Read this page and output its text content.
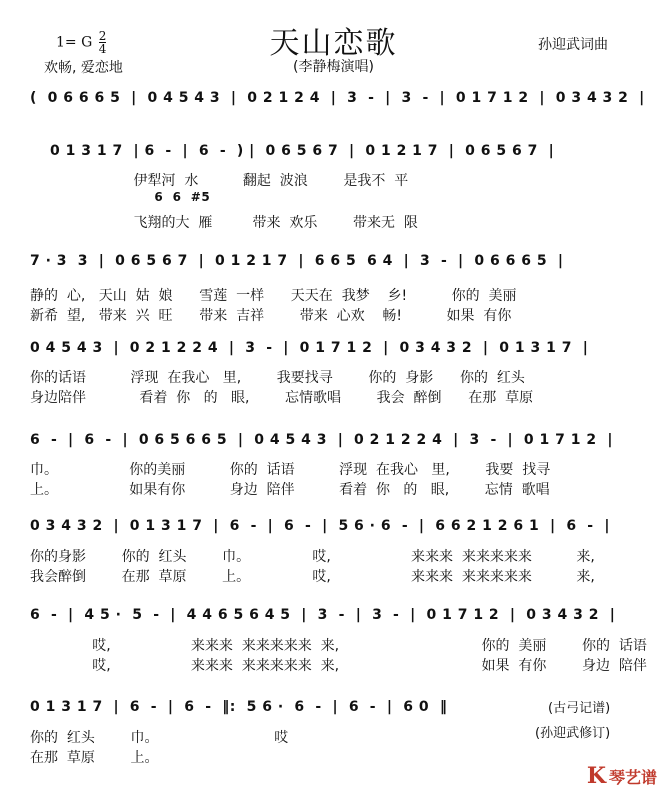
天山恋歌
(李静梅演唱)
1= G $\frac{2}{4}$
欢畅, 爱恋地
孙迎武词曲
(  0 6 6 6 5  |  0 4 5 4 3  |  0 2 1 2 4  |  3  -  |  3  -  |  0 1 7 1 2  |  0 3 4 3 2  |
0 1 3 1 7  | 6  -  |  6  -  ) |  0 6 5 6 7  |  0 1 2 1 7  |  0 6 5 6 7  |
伊犁河  水          翻起  波浪        是我不  平
6  6  #5
飞翔的大  雁         带来  欢乐        带来无  限
7 · 3  3  |  0 6 5 6 7  |  0 1 2 1 7  |  6 6 5  6 4  |  3  -  |  0 6 6 6 5  |
静的  心,   天山  姑  娘      雪莲  一样      天天在  我梦    乡!          你的  美丽
新希  望,   带来  兴  旺      带来  吉祥        带来  心欢    畅!          如果  有你
0 4 5 4 3  |  0 2 1 2 2 4  |  3  -  |  0 1 7 1 2  |  0 3 4 3 2  |  0 1 3 1 7  |
你的话语          浮现  在我心   里,        我要找寻        你的  身影      你的  红头
身边陪伴            看着  你   的   眼,        忘情歌唱        我会  醉倒      在那  草原
6  -  |  6  -  |  0 6 5 6 6 5  |  0 4 5 4 3  |  0 2 1 2 2 4  |  3  -  |  0 1 7 1 2  |
巾。                你的美丽          你的  话语          浮现  在我心   里,        我要  找寻
上。                如果有你          身边  陪伴          看着  你   的   眼,        忘情  歌唱
0 3 4 3 2  |  0 1 3 1 7  |  6  -  |  6  -  |  5 6 · 6  -  |  6 6 2 1 2 6 1  |  6  -  |
你的身影        你的  红头        巾。              哎,                  来来来  来来来来来          来,
我会醉倒        在那  草原        上。              哎,                  来来来  来来来来来          来,
6  -  |  4 5 ·  5  -  |  4 4 6 5 6 4 5  |  3  -  |  3  -  |  0 1 7 1 2  |  0 3 4 3 2  |
哎,                  来来来  来来来来来  来,                                你的  美丽        你的  话语
哎,                  来来来  来来来来来  来,                                如果  有你        身边  陪伴
0 1 3 1 7  |  6  -  |  6  -  ‖:  5 6 ·  6  -  |  6  -  |  6 0  ‖
你的  红头        巾。                          哎
在那  草原        上。
(古弓记谱)
(孙迎武修订)
K 琴艺谱
